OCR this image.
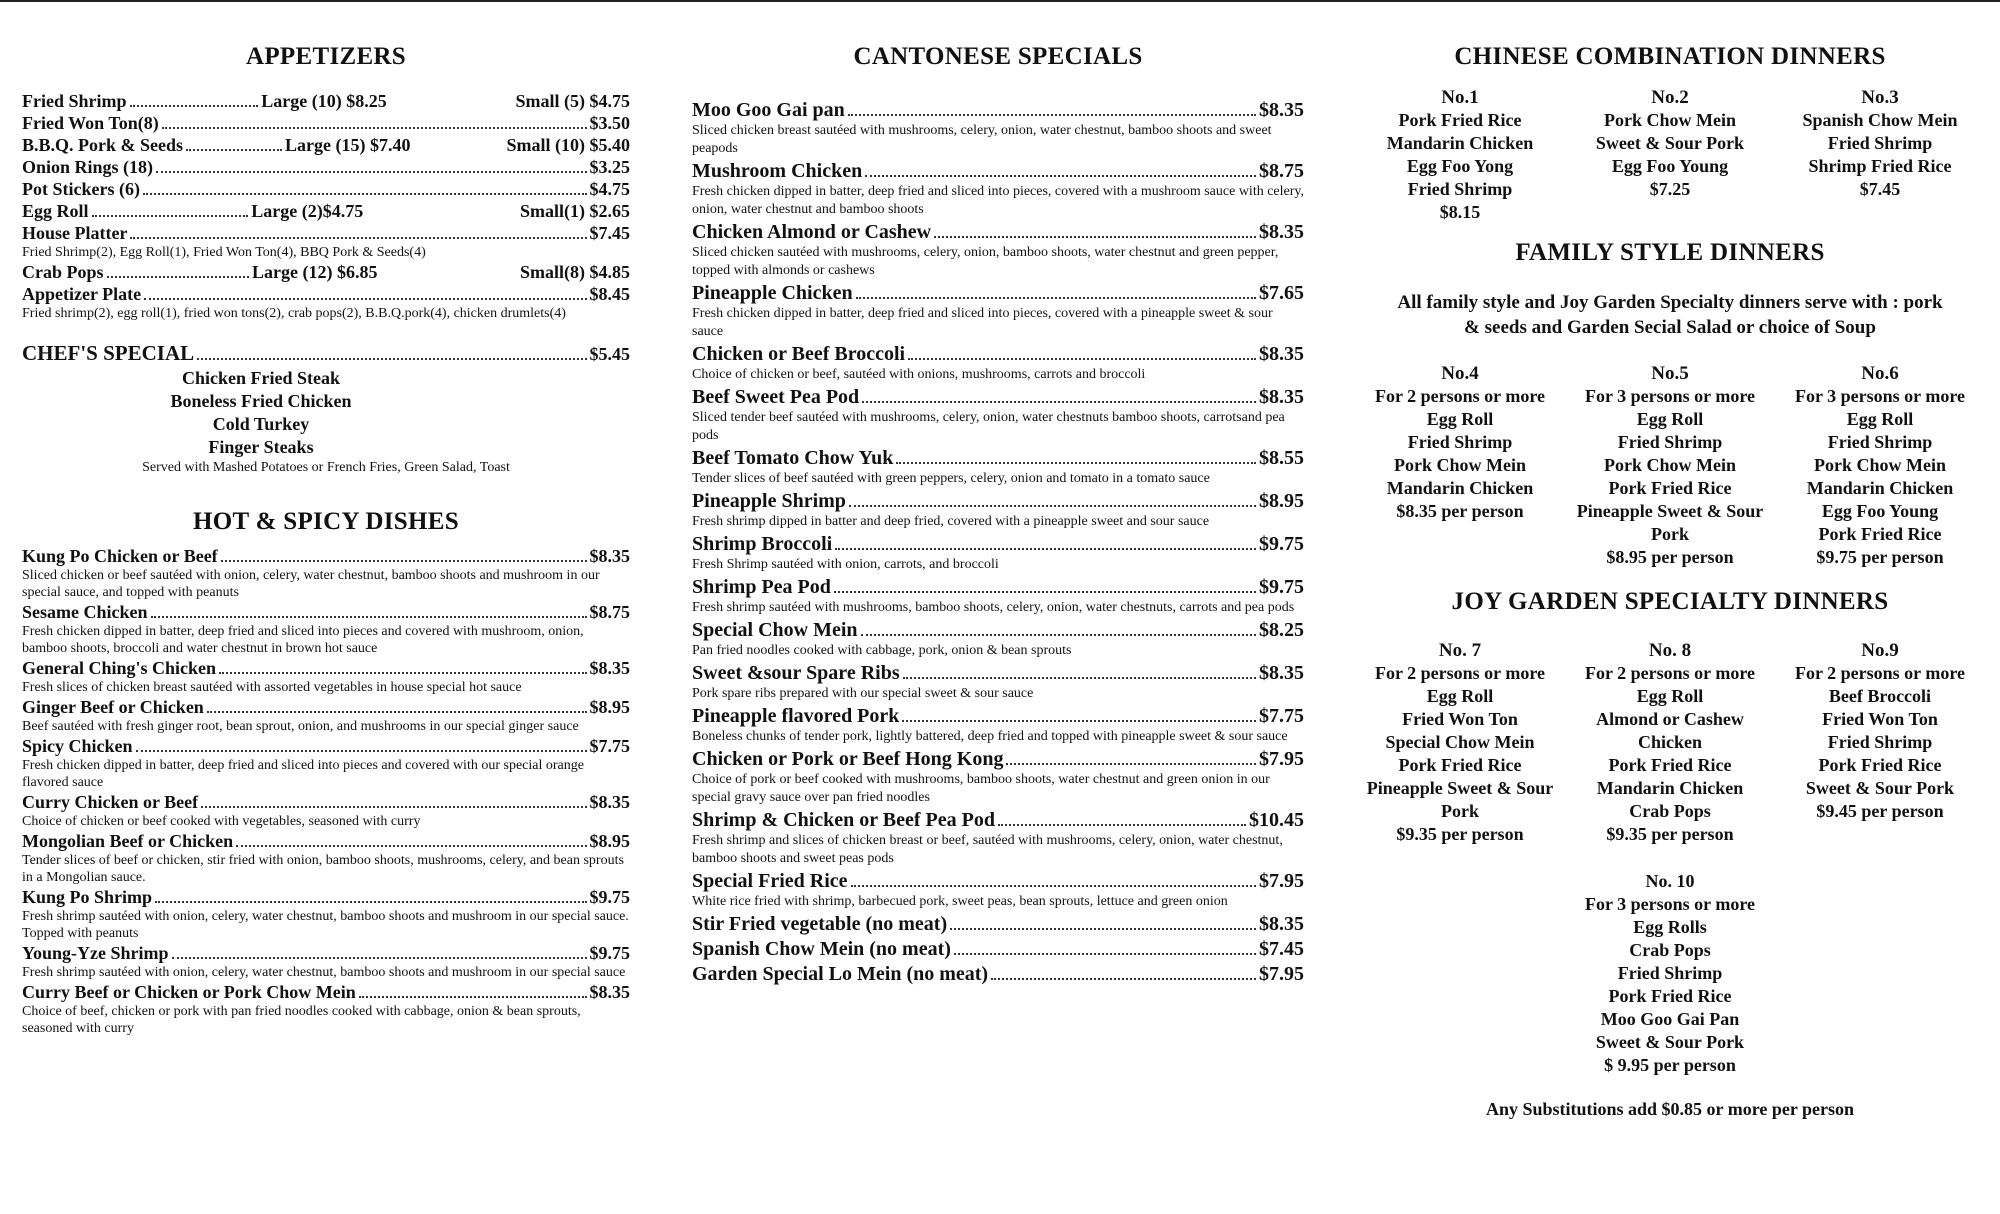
APPETIZERS
Fried Shrimp	Large (10) $8.25	Small (5) $4.75
Fried Won Ton(8)	$3.50
B.B.Q. Pork & Seeds	Large (15) $7.40	Small (10) $5.40
Onion Rings (18)	$3.25
Pot Stickers (6)	$4.75
Egg Roll	Large (2)$4.75	Small(1) $2.65
House Platter	$7.45
Fried Shrimp(2), Egg Roll(1), Fried Won Ton(4), BBQ Pork & Seeds(4)
Crab Pops	Large (12) $6.85	Small(8) $4.85
Appetizer Plate	$8.45
Fried shrimp(2), egg roll(1), fried won tons(2), crab pops(2), B.B.Q.pork(4), chicken drumlets(4)
CHEF'S SPECIAL	$5.45
Chicken Fried Steak
Boneless Fried Chicken
Cold Turkey
Finger Steaks
Served with Mashed Potatoes or French Fries, Green Salad, Toast
HOT & SPICY DISHES
Kung Po Chicken or Beef	$8.35
Sliced chicken or beef sautéed with onion, celery, water chestnut, bamboo shoots and mushroom in our special sauce, and topped with peanuts
Sesame Chicken	$8.75
Fresh chicken dipped in batter, deep fried and sliced into pieces and covered with mushroom, onion, bamboo shoots, broccoli and water chestnut in brown hot sauce
General Ching's Chicken	$8.35
Fresh slices of chicken breast sautéed with assorted vegetables in house special hot sauce
Ginger Beef or Chicken	$8.95
Beef sautéed with fresh ginger root, bean sprout, onion, and mushrooms in our special ginger sauce
Spicy Chicken	$7.75
Fresh chicken dipped in batter, deep fried and sliced into pieces and covered with our special orange flavored sauce
Curry Chicken or Beef	$8.35
Choice of chicken or beef cooked with vegetables, seasoned with curry
Mongolian Beef or Chicken	$8.95
Tender slices of beef or chicken, stir fried with onion, bamboo shoots, mushrooms, celery, and bean sprouts in a Mongolian sauce.
Kung Po Shrimp	$9.75
Fresh shrimp sautéed with onion, celery, water chestnut, bamboo shoots and mushroom in our special sauce. Topped with peanuts
Young-Yze Shrimp	$9.75
Fresh shrimp sautéed with onion, celery, water chestnut, bamboo shoots and mushroom in our special sauce
Curry Beef or Chicken or Pork Chow Mein	$8.35
Choice of beef, chicken or pork with pan fried noodles cooked with cabbage, onion & bean sprouts, seasoned with curry
CANTONESE SPECIALS
Moo Goo Gai pan	$8.35
Sliced chicken breast sautéed with mushrooms, celery, onion, water chestnut, bamboo shoots and sweet peapods
Mushroom Chicken	$8.75
Fresh chicken dipped in batter, deep fried and sliced into pieces, covered with a mushroom sauce with celery, onion, water chestnut and bamboo shoots
Chicken Almond or Cashew	$8.35
Sliced chicken sautéed with mushrooms, celery, onion, bamboo shoots, water chestnut and green pepper, topped with almonds or cashews
Pineapple Chicken	$7.65
Fresh chicken dipped in batter, deep fried and sliced into pieces, covered with a pineapple sweet & sour sauce
Chicken or Beef Broccoli	$8.35
Choice of chicken or beef, sautéed with onions, mushrooms, carrots and broccoli
Beef Sweet Pea Pod	$8.35
Sliced tender beef sautéed with mushrooms, celery, onion, water chestnuts bamboo shoots, carrotsand pea pods
Beef Tomato Chow Yuk	$8.55
Tender slices of beef sautéed with green peppers, celery, onion and tomato in a tomato sauce
Pineapple Shrimp	$8.95
Fresh shrimp dipped in batter and deep fried, covered with a pineapple sweet and sour sauce
Shrimp Broccoli	$9.75
Fresh Shrimp sautéed with onion, carrots, and broccoli
Shrimp Pea Pod	$9.75
Fresh shrimp sautéed with mushrooms, bamboo shoots, celery, onion, water chestnuts, carrots and pea pods
Special Chow Mein	$8.25
Pan fried noodles cooked with cabbage, pork, onion & bean sprouts
Sweet &sour Spare Ribs	$8.35
Pork spare ribs prepared with our special sweet & sour sauce
Pineapple flavored Pork	$7.75
Boneless chunks of tender pork, lightly battered, deep fried and topped with pineapple sweet & sour sauce
Chicken or Pork or Beef Hong Kong	$7.95
Choice of pork or beef cooked with mushrooms, bamboo shoots, water chestnut and green onion in our special gravy sauce over pan fried noodles
Shrimp & Chicken or Beef Pea Pod	$10.45
Fresh shrimp and slices of chicken breast or beef, sautéed with mushrooms, celery, onion, water chestnut, bamboo shoots and sweet peas pods
Special Fried Rice	$7.95
White rice fried with shrimp, barbecued pork, sweet peas, bean sprouts, lettuce and green onion
Stir Fried vegetable (no meat)	$8.35
Spanish Chow Mein (no meat)	$7.45
Garden Special Lo Mein (no meat)	$7.95
CHINESE COMBINATION DINNERS
No.1
Pork Fried Rice
Mandarin Chicken
Egg Foo Yong
Fried Shrimp
$8.15
No.2
Pork Chow Mein
Sweet & Sour Pork
Egg Foo Young
$7.25
No.3
Spanish Chow Mein
Fried Shrimp
Shrimp Fried Rice
$7.45
FAMILY STYLE DINNERS
All family style and Joy Garden Specialty dinners serve with : pork & seeds and Garden Secial Salad or choice of Soup
No.4
For 2 persons or more
Egg Roll
Fried Shrimp
Pork Chow Mein
Mandarin Chicken
$8.35 per person
No.5
For 3 persons or more
Egg Roll
Fried Shrimp
Pork Chow Mein
Pork Fried Rice
Pineapple Sweet & Sour Pork
$8.95 per person
No.6
For 3 persons or more
Egg Roll
Fried Shrimp
Pork Chow Mein
Mandarin Chicken
Egg Foo Young
Pork Fried Rice
$9.75 per person
JOY GARDEN SPECIALTY DINNERS
No. 7
For 2 persons or more
Egg Roll
Fried Won Ton
Special Chow Mein
Pork Fried Rice
Pineapple Sweet & Sour Pork
$9.35 per person
No. 8
For 2 persons or more
Egg Roll
Almond or Cashew Chicken
Pork Fried Rice
Mandarin Chicken
Crab Pops
$9.35 per person
No.9
For 2 persons or more
Beef Broccoli
Fried Won Ton
Fried Shrimp
Pork Fried Rice
Sweet & Sour Pork
$9.45 per person
No. 10
For 3 persons or more
Egg Rolls
Crab Pops
Fried Shrimp
Pork Fried Rice
Moo Goo Gai Pan
Sweet & Sour Pork
$ 9.95 per person
Any Substitutions add $0.85 or more per person
